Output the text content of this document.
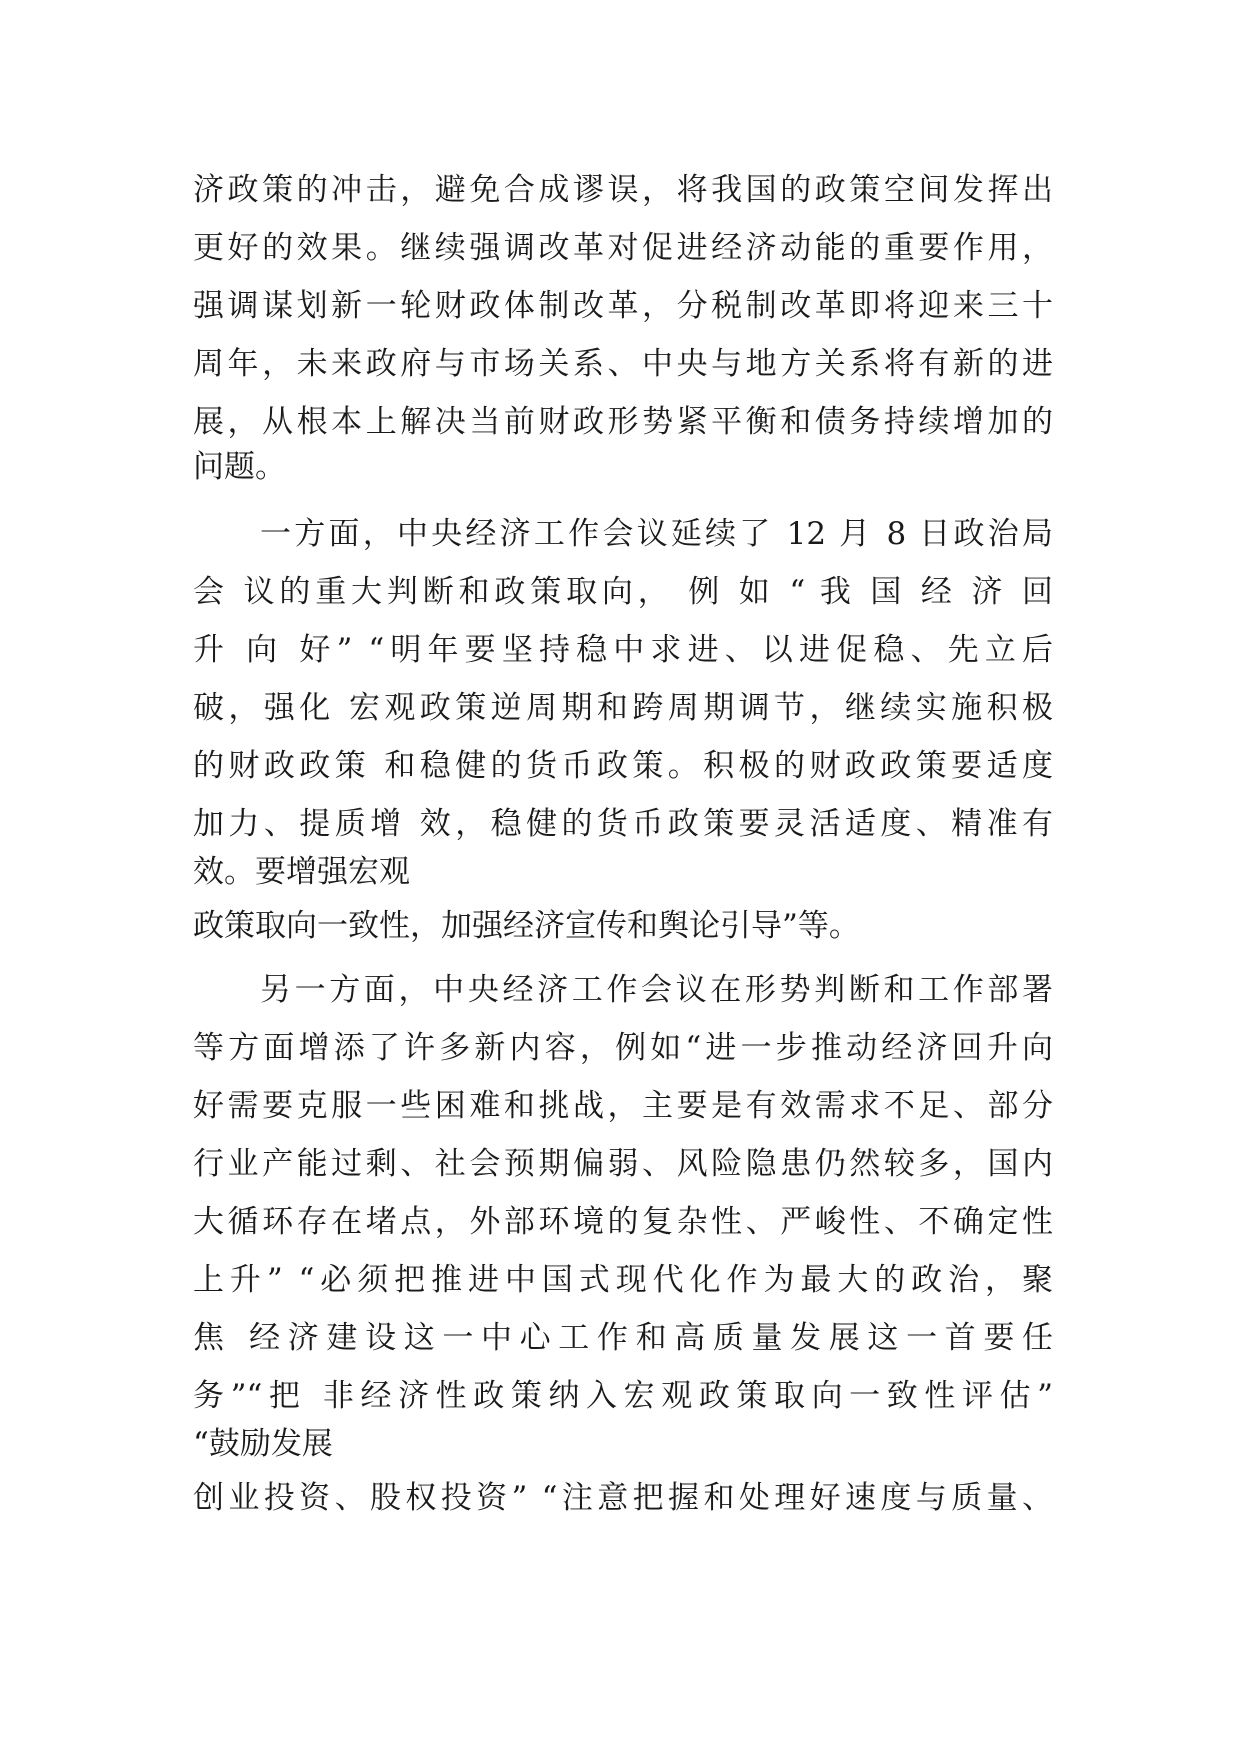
济政策的冲击，避免合成谬误，将我国的政策空间发挥出
更好的效果。继续强调改革对促进经济动能的重要作用，
强调谋划新一轮财政体制改革，分税制改革即将迎来三十
周年，未来政府与市场关系、中央与地方关系将有新的进
展，从根本上解决当前财政形势紧平衡和债务持续增加的
问题。
一方面，中央经济工作会议延续了 12 月 8 日政治局
会 议的重大判断和政策取向， 例 如 “ 我 国 经 济 回
升 向 好” “明年要坚持稳中求进、以进促稳、先立后
破，强化 宏观政策逆周期和跨周期调节，继续实施积极
的财政政策 和稳健的货币政策。积极的财政政策要适度
加力、提质增 效，稳健的货币政策要灵活适度、精准有
效。要增强宏观
政策取向一致性，加强经济宣传和舆论引导”等。
另一方面，中央经济工作会议在形势判断和工作部署
等方面增添了许多新内容，例如“进一步推动经济回升向
好需要克服一些困难和挑战，主要是有效需求不足、部分
行业产能过剩、社会预期偏弱、风险隐患仍然较多，国内
大循环存在堵点，外部环境的复杂性、严峻性、不确定性
上升” “必须把推进中国式现代化作为最大的政治，聚
焦 经济建设这一中心工作和高质量发展这一首要任
务”“把 非经济性政策纳入宏观政策取向一致性评估”
“鼓励发展
创业投资、股权投资” “注意把握和处理好速度与质量、
